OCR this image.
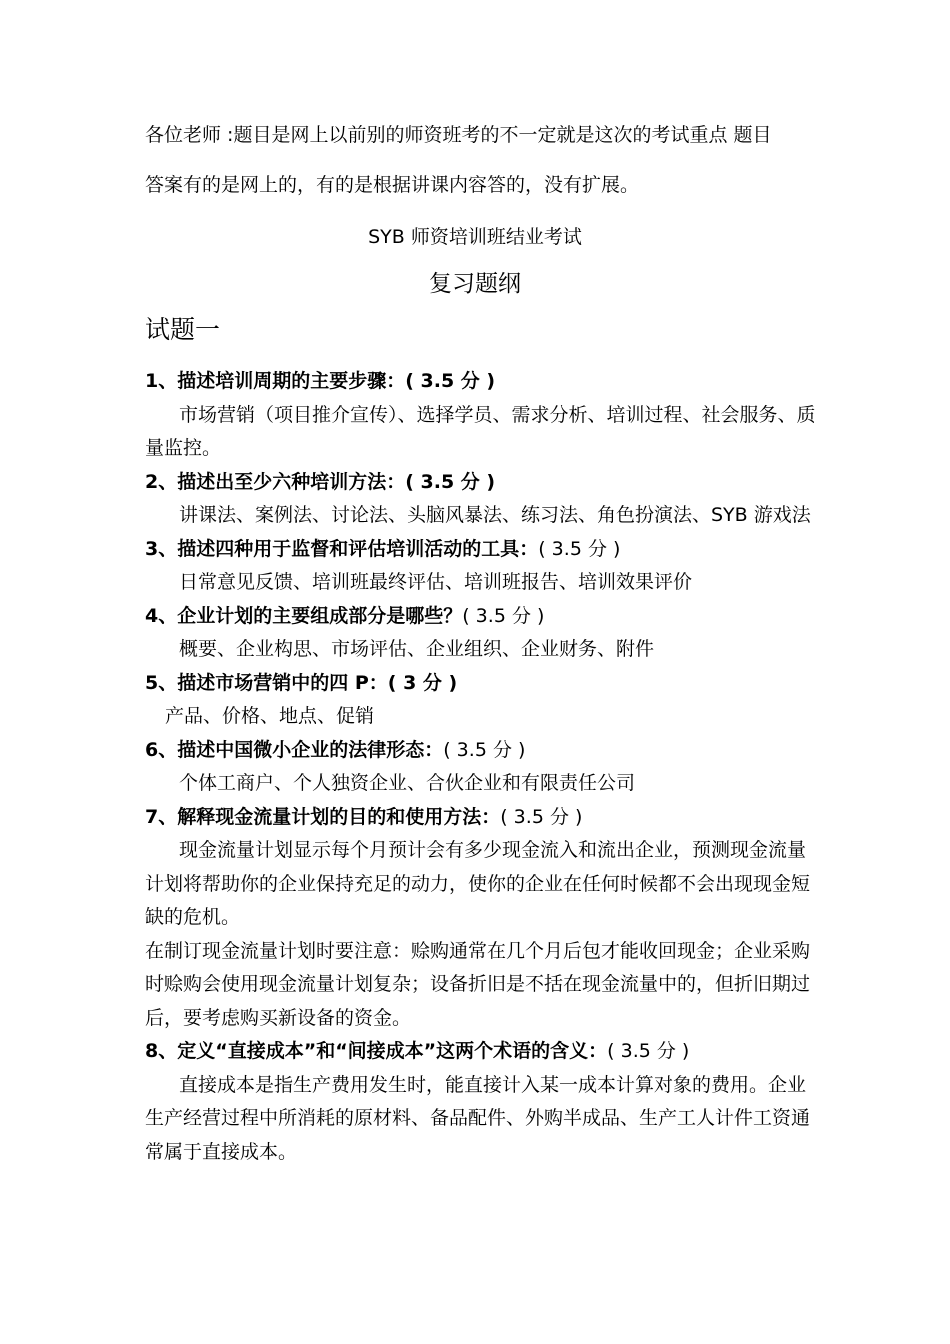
各位老师 :题目是网上以前别的师资班考的不一定就是这次的考试重点 题目
答案有的是网上的，有的是根据讲课内容答的，没有扩展。
SYB 师资培训班结业考试
复习题纲
试题一
1、描述培训周期的主要步骤：( 3.5 分 )
市场营销（项目推介宣传）、选择学员、需求分析、培训过程、社会服务、质量监控。
2、描述出至少六种培训方法：( 3.5 分 )
讲课法、案例法、讨论法、头脑风暴法、练习法、角色扮演法、SYB 游戏法
3、描述四种用于监督和评估培训活动的工具：( 3.5 分 )
日常意见反馈、培训班最终评估、培训班报告、培训效果评价
4、企业计划的主要组成部分是哪些？( 3.5 分 )
概要、企业构思、市场评估、企业组织、企业财务、附件
5、描述市场营销中的四 P：( 3 分 )
产品、价格、地点、促销
6、描述中国微小企业的法律形态：( 3.5 分 )
个体工商户、个人独资企业、合伙企业和有限责任公司
7、解释现金流量计划的目的和使用方法：( 3.5 分 )
现金流量计划显示每个月预计会有多少现金流入和流出企业，预测现金流量计划将帮助你的企业保持充足的动力，使你的企业在任何时候都不会出现现金短缺的危机。
在制订现金流量计划时要注意：赊购通常在几个月后包才能收回现金；企业采购时赊购会使用现金流量计划复杂；设备折旧是不括在现金流量中的，但折旧期过后，要考虑购买新设备的资金。
8、定义“直接成本”和“间接成本”这两个术语的含义：( 3.5 分 )
直接成本是指生产费用发生时，能直接计入某一成本计算对象的费用。企业生产经营过程中所消耗的原材料、备品配件、外购半成品、生产工人计件工资通常属于直接成本。
